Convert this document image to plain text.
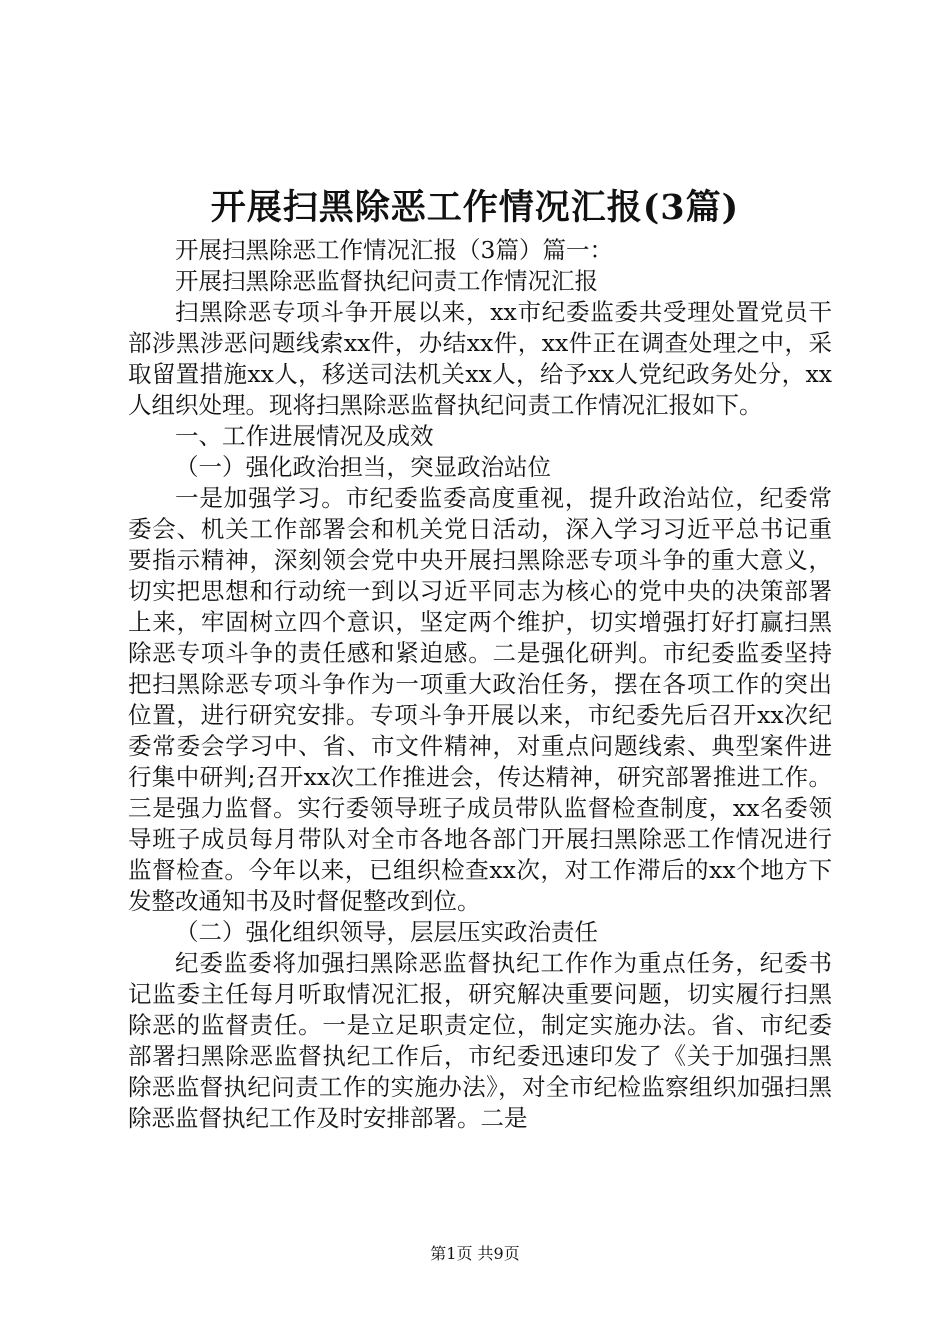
开展扫黑除恶工作情况汇报(3篇)

开展扫黑除恶工作情况汇报（3篇）篇一：

开展扫黑除恶监督执纪问责工作情况汇报

扫黑除恶专项斗争开展以来，xx市纪委监委共受理处置党员干部涉黑涉恶问题线索xx件，办结xx件，xx件正在调查处理之中，采取留置措施xx人，移送司法机关xx人，给予xx人党纪政务处分，xx人组织处理。现将扫黑除恶监督执纪问责工作情况汇报如下。

一、工作进展情况及成效

（一）强化政治担当，突显政治站位

一是加强学习。市纪委监委高度重视，提升政治站位，纪委常委会、机关工作部署会和机关党日活动，深入学习习近平总书记重要指示精神，深刻领会党中央开展扫黑除恶专项斗争的重大意义，切实把思想和行动统一到以习近平同志为核心的党中央的决策部署上来，牢固树立四个意识，坚定两个维护，切实增强打好打赢扫黑除恶专项斗争的责任感和紧迫感。二是强化研判。市纪委监委坚持把扫黑除恶专项斗争作为一项重大政治任务，摆在各项工作的突出位置，进行研究安排。专项斗争开展以来，市纪委先后召开xx次纪委常委会学习中、省、市文件精神，对重点问题线索、典型案件进行集中研判;召开xx次工作推进会，传达精神，研究部署推进工作。三是强力监督。实行委领导班子成员带队监督检查制度，xx名委领导班子成员每月带队对全市各地各部门开展扫黑除恶工作情况进行监督检查。今年以来，已组织检查xx次，对工作滞后的xx个地方下发整改通知书及时督促整改到位。

（二）强化组织领导，层层压实政治责任

纪委监委将加强扫黑除恶监督执纪工作作为重点任务，纪委书记监委主任每月听取情况汇报，研究解决重要问题，切实履行扫黑除恶的监督责任。一是立足职责定位，制定实施办法。省、市纪委部署扫黑除恶监督执纪工作后，市纪委迅速印发了《关于加强扫黑除恶监督执纪问责工作的实施办法》，对全市纪检监察组织加强扫黑除恶监督执纪工作及时安排部署。二是

第1页 共9页
